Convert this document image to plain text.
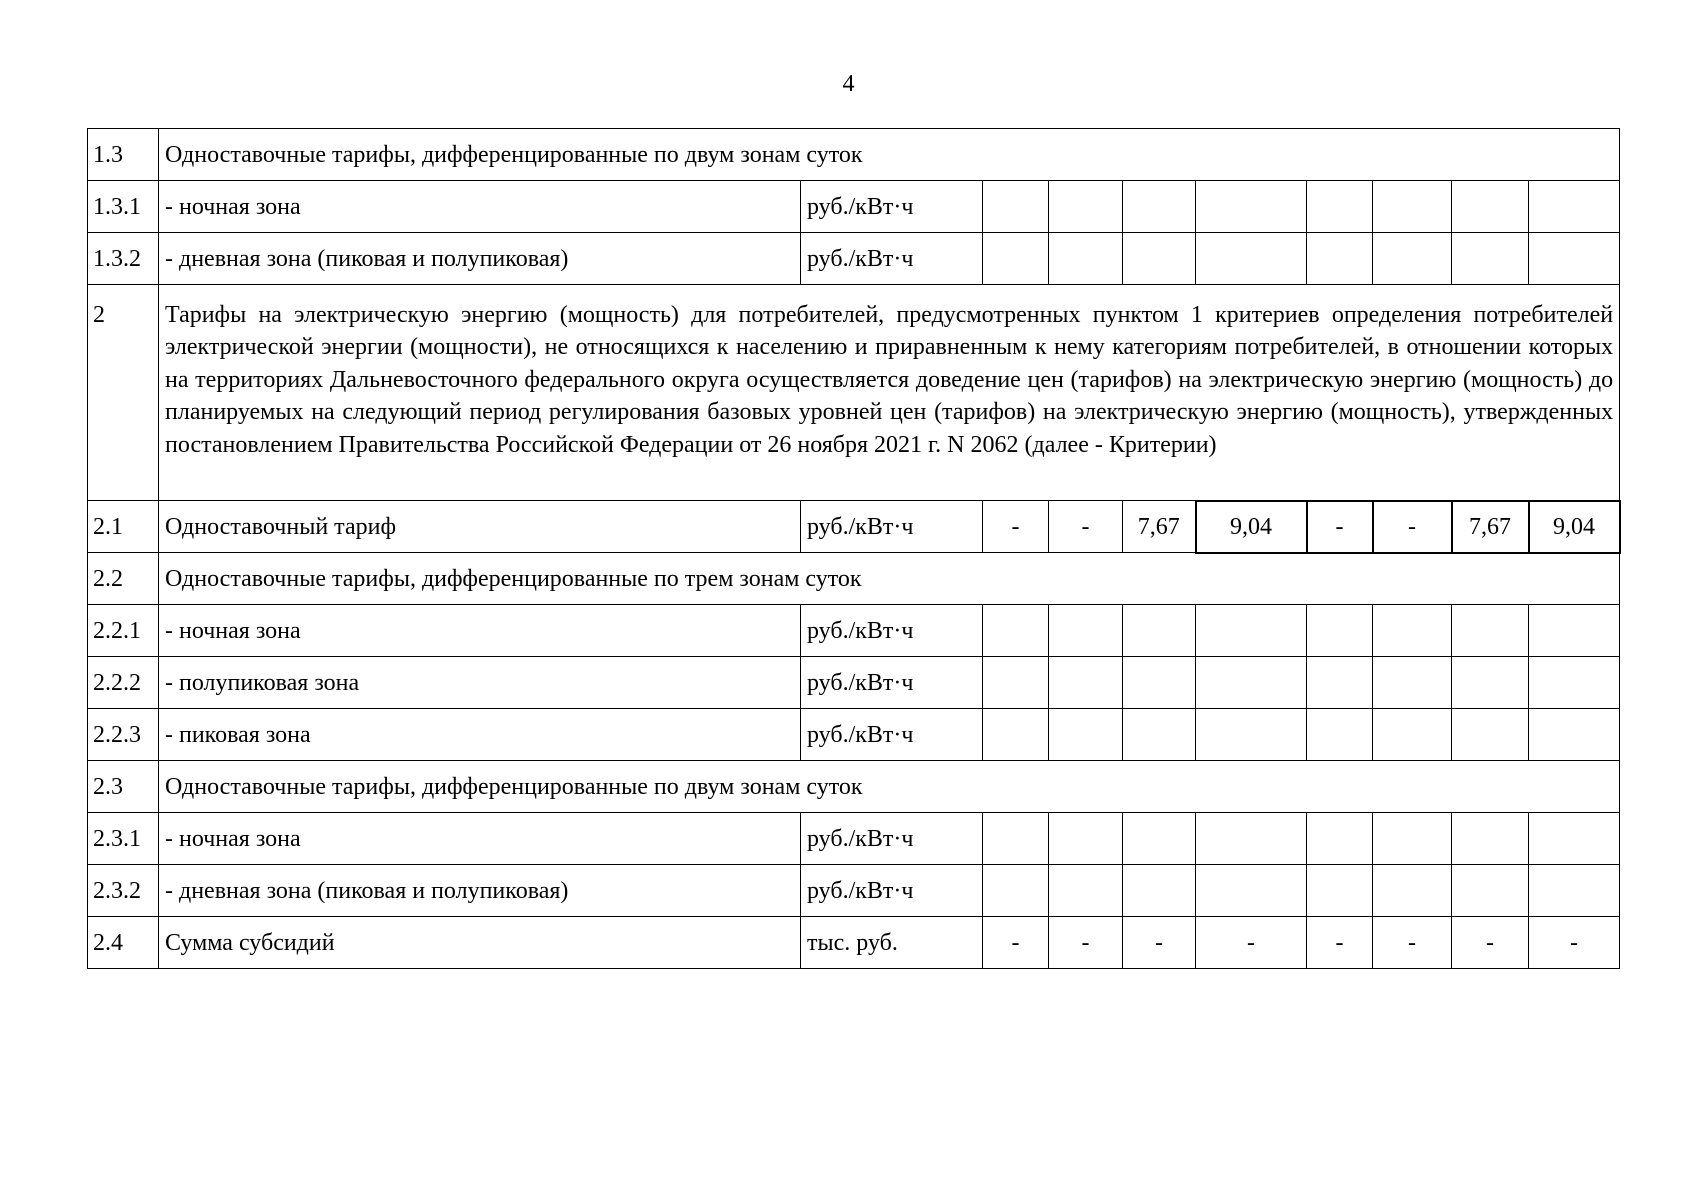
4
1.3	Одноставочные тарифы, дифференцированные по двум зонам суток									
1.3.1	- ночная зона	руб./кВт·ч								
1.3.2	- дневная зона (пиковая и полупиковая)	руб./кВт·ч								
2	Тарифы на электрическую энергию (мощность) для потребителей, предусмотренных пунктом 1 критериев определения потребителей электрической энергии (мощности), не относящихся к населению и приравненным к нему категориям потребителей, в отношении которых на территориях Дальневосточного федерального округа осуществляется доведение цен (тарифов) на электрическую энергию (мощность) до планируемых на следующий период регулирования базовых уровней цен (тарифов) на электрическую энергию (мощность), утвержденных постановлением Правительства Российской Федерации от 26 ноября 2021 г. N 2062 (далее - Критерии)									
2.1	Одноставочный тариф	руб./кВт·ч	-	-	7,67	9,04	-	-	7,67	9,04
2.2	Одноставочные тарифы, дифференцированные по трем зонам суток									
2.2.1	- ночная зона	руб./кВт·ч								
2.2.2	- полупиковая зона	руб./кВт·ч								
2.2.3	- пиковая зона	руб./кВт·ч								
2.3	Одноставочные тарифы, дифференцированные по двум зонам суток									
2.3.1	- ночная зона	руб./кВт·ч								
2.3.2	- дневная зона (пиковая и полупиковая)	руб./кВт·ч								
2.4	Сумма субсидий	тыс. руб.	-	-	-	-	-	-	-	-
